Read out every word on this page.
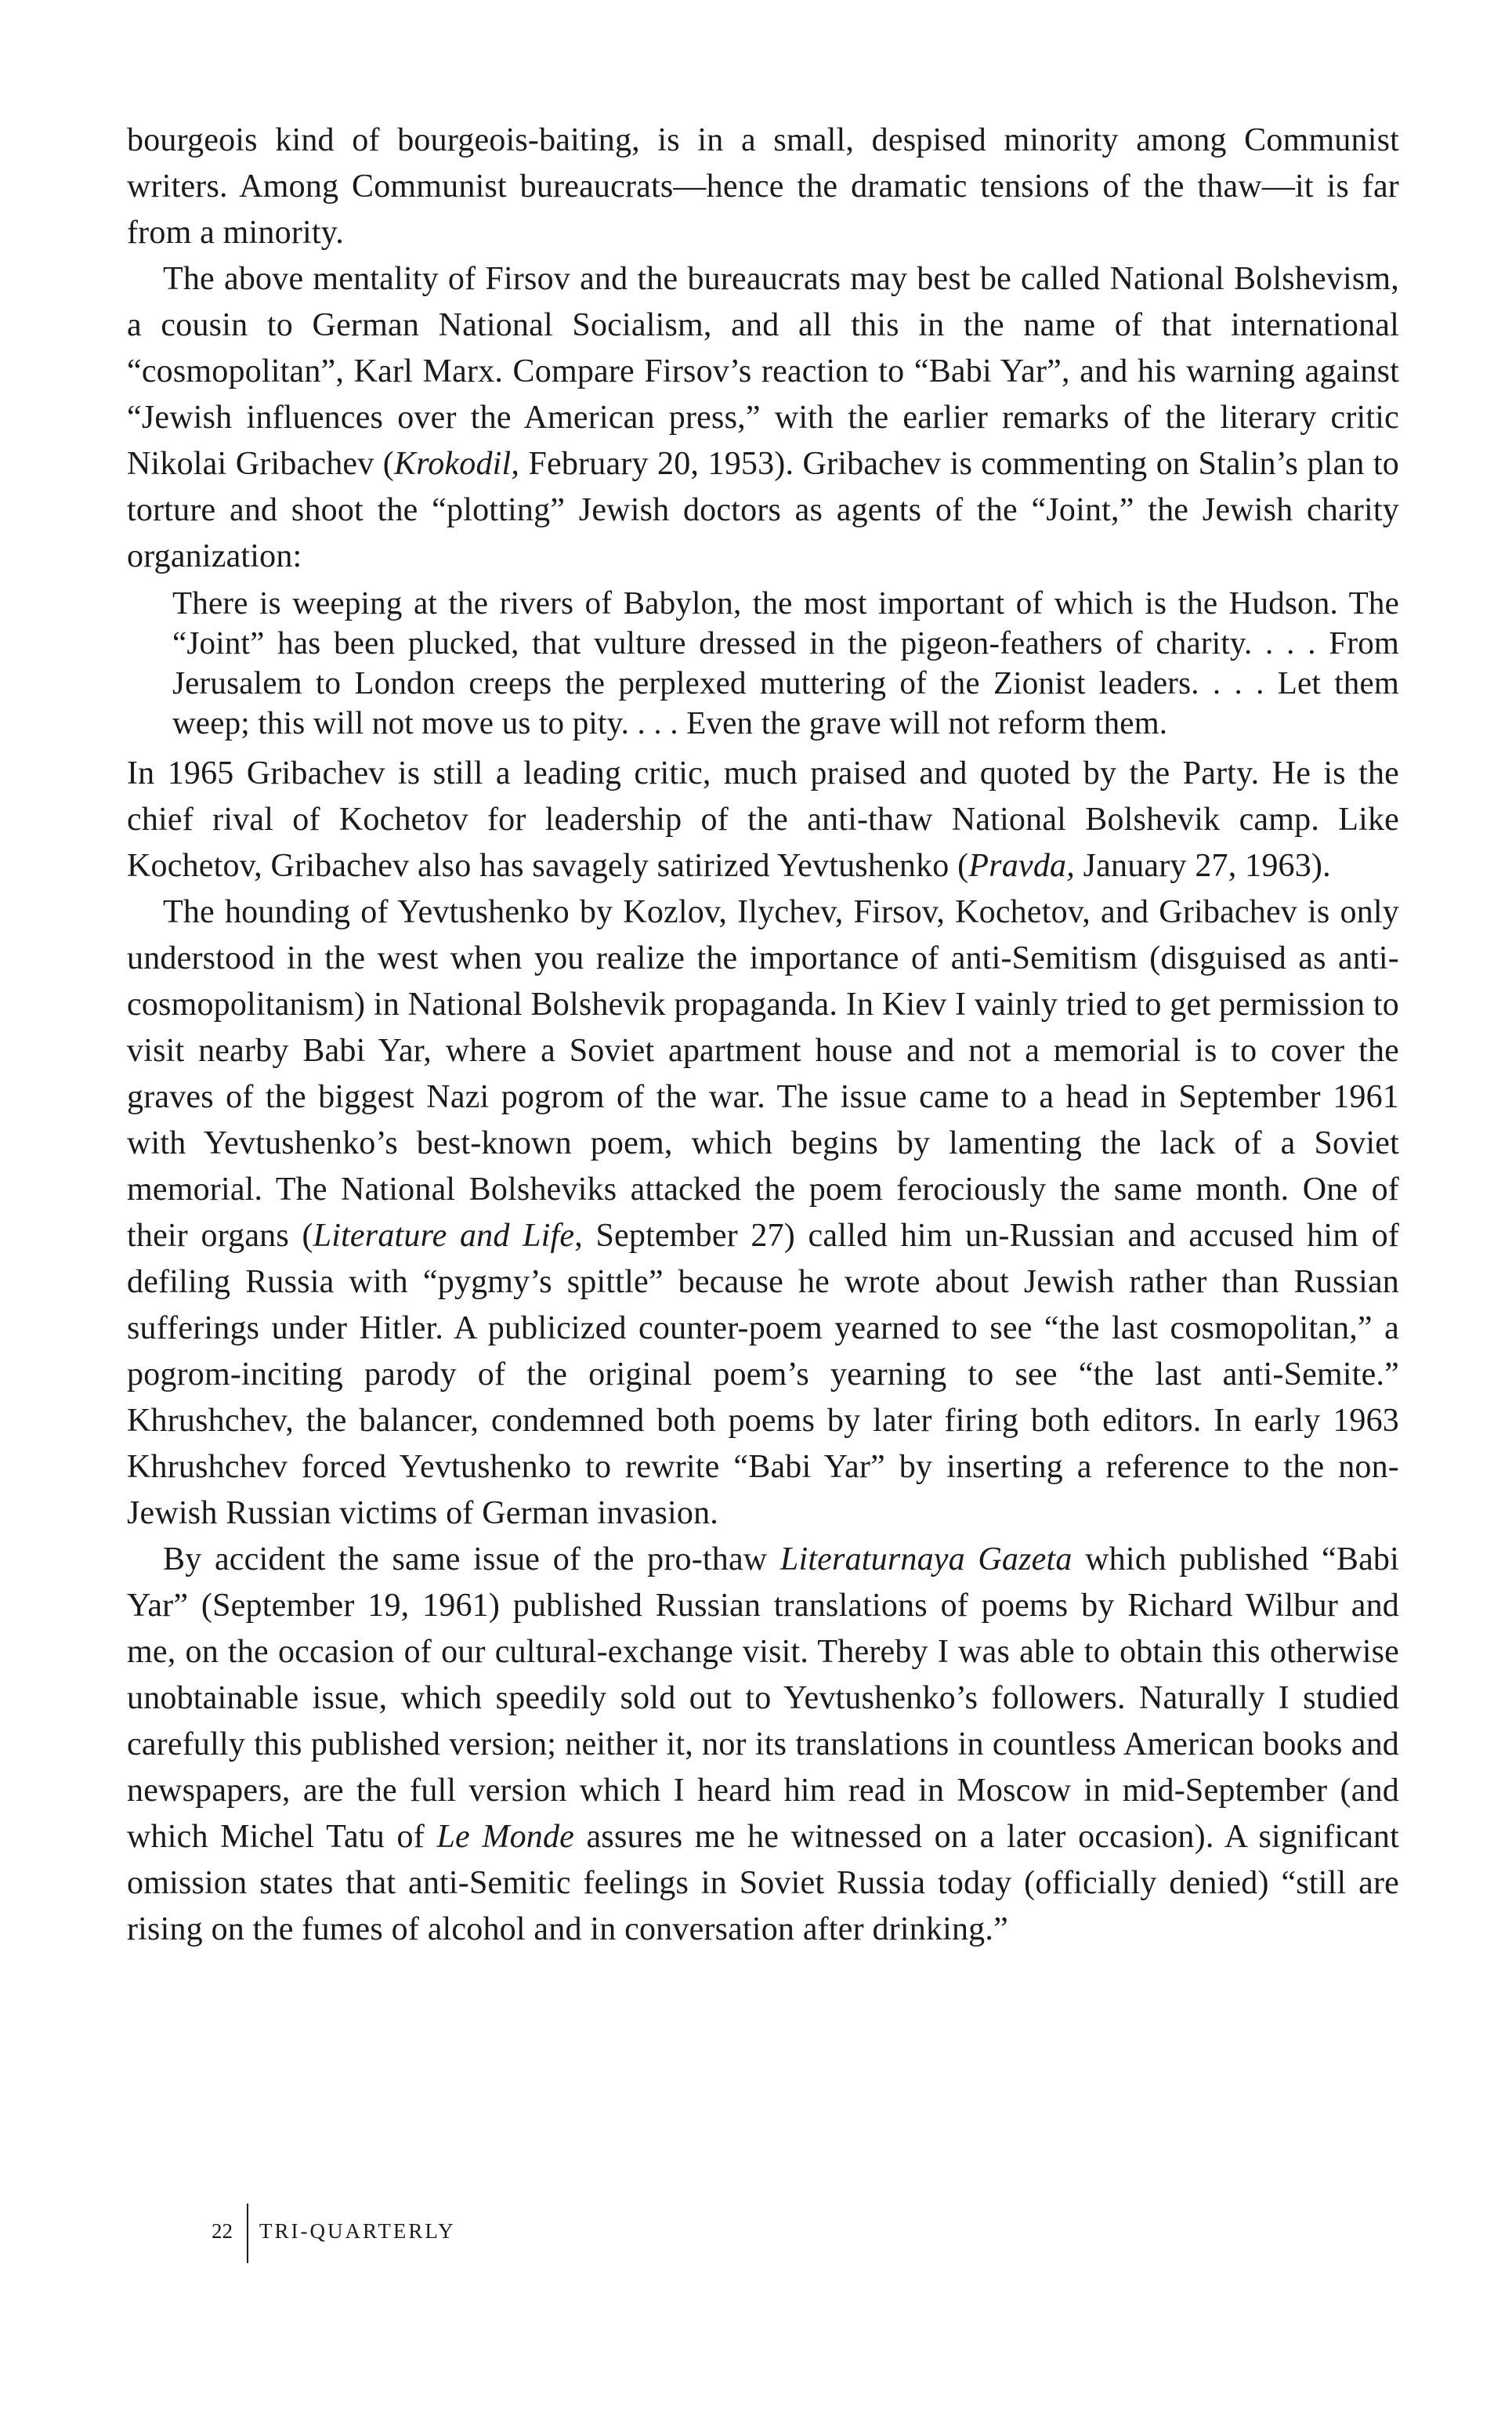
bourgeois kind of bourgeois-baiting, is in a small, despised minority among Communist writers. Among Communist bureaucrats—hence the dramatic tensions of the thaw—it is far from a minority.

The above mentality of Firsov and the bureaucrats may best be called National Bolshevism, a cousin to German National Socialism, and all this in the name of that international “cosmopolitan”, Karl Marx. Compare Firsov’s reaction to “Babi Yar”, and his warning against “Jewish influences over the American press,” with the earlier remarks of the literary critic Nikolai Gribachev (Krokodil, February 20, 1953). Gribachev is commenting on Stalin’s plan to torture and shoot the “plotting” Jewish doctors as agents of the “Joint,” the Jewish charity organization:

There is weeping at the rivers of Babylon, the most important of which is the Hudson. The “Joint” has been plucked, that vulture dressed in the pigeon-feathers of charity. . . . From Jerusalem to London creeps the perplexed muttering of the Zionist leaders. . . . Let them weep; this will not move us to pity. . . . Even the grave will not reform them.

In 1965 Gribachev is still a leading critic, much praised and quoted by the Party. He is the chief rival of Kochetov for leadership of the anti-thaw National Bolshevik camp. Like Kochetov, Gribachev also has savagely satirized Yevtushenko (Pravda, January 27, 1963).

The hounding of Yevtushenko by Kozlov, Ilychev, Firsov, Kochetov, and Gribachev is only understood in the west when you realize the importance of anti-Semitism (disguised as anti-cosmopolitanism) in National Bolshevik propaganda. In Kiev I vainly tried to get permission to visit nearby Babi Yar, where a Soviet apartment house and not a memorial is to cover the graves of the biggest Nazi pogrom of the war. The issue came to a head in September 1961 with Yevtushenko’s best-known poem, which begins by lamenting the lack of a Soviet memorial. The National Bolsheviks attacked the poem ferociously the same month. One of their organs (Literature and Life, September 27) called him un-Russian and accused him of defiling Russia with “pygmy’s spittle” because he wrote about Jewish rather than Russian sufferings under Hitler. A publicized counter-poem yearned to see “the last cosmopolitan,” a pogrom-inciting parody of the original poem’s yearning to see “the last anti-Semite.” Khrushchev, the balancer, condemned both poems by later firing both editors. In early 1963 Khrushchev forced Yevtushenko to rewrite “Babi Yar” by inserting a reference to the non-Jewish Russian victims of German invasion.

By accident the same issue of the pro-thaw Literaturnaya Gazeta which published “Babi Yar” (September 19, 1961) published Russian translations of poems by Richard Wilbur and me, on the occasion of our cultural-exchange visit. Thereby I was able to obtain this otherwise unobtainable issue, which speedily sold out to Yevtushenko’s followers. Naturally I studied carefully this published version; neither it, nor its translations in countless American books and newspapers, are the full version which I heard him read in Moscow in mid-September (and which Michel Tatu of Le Monde assures me he witnessed on a later occasion). A significant omission states that anti-Semitic feelings in Soviet Russia today (officially denied) “still are rising on the fumes of alcohol and in conversation after drinking.”

22	TRI-QUARTERLY
